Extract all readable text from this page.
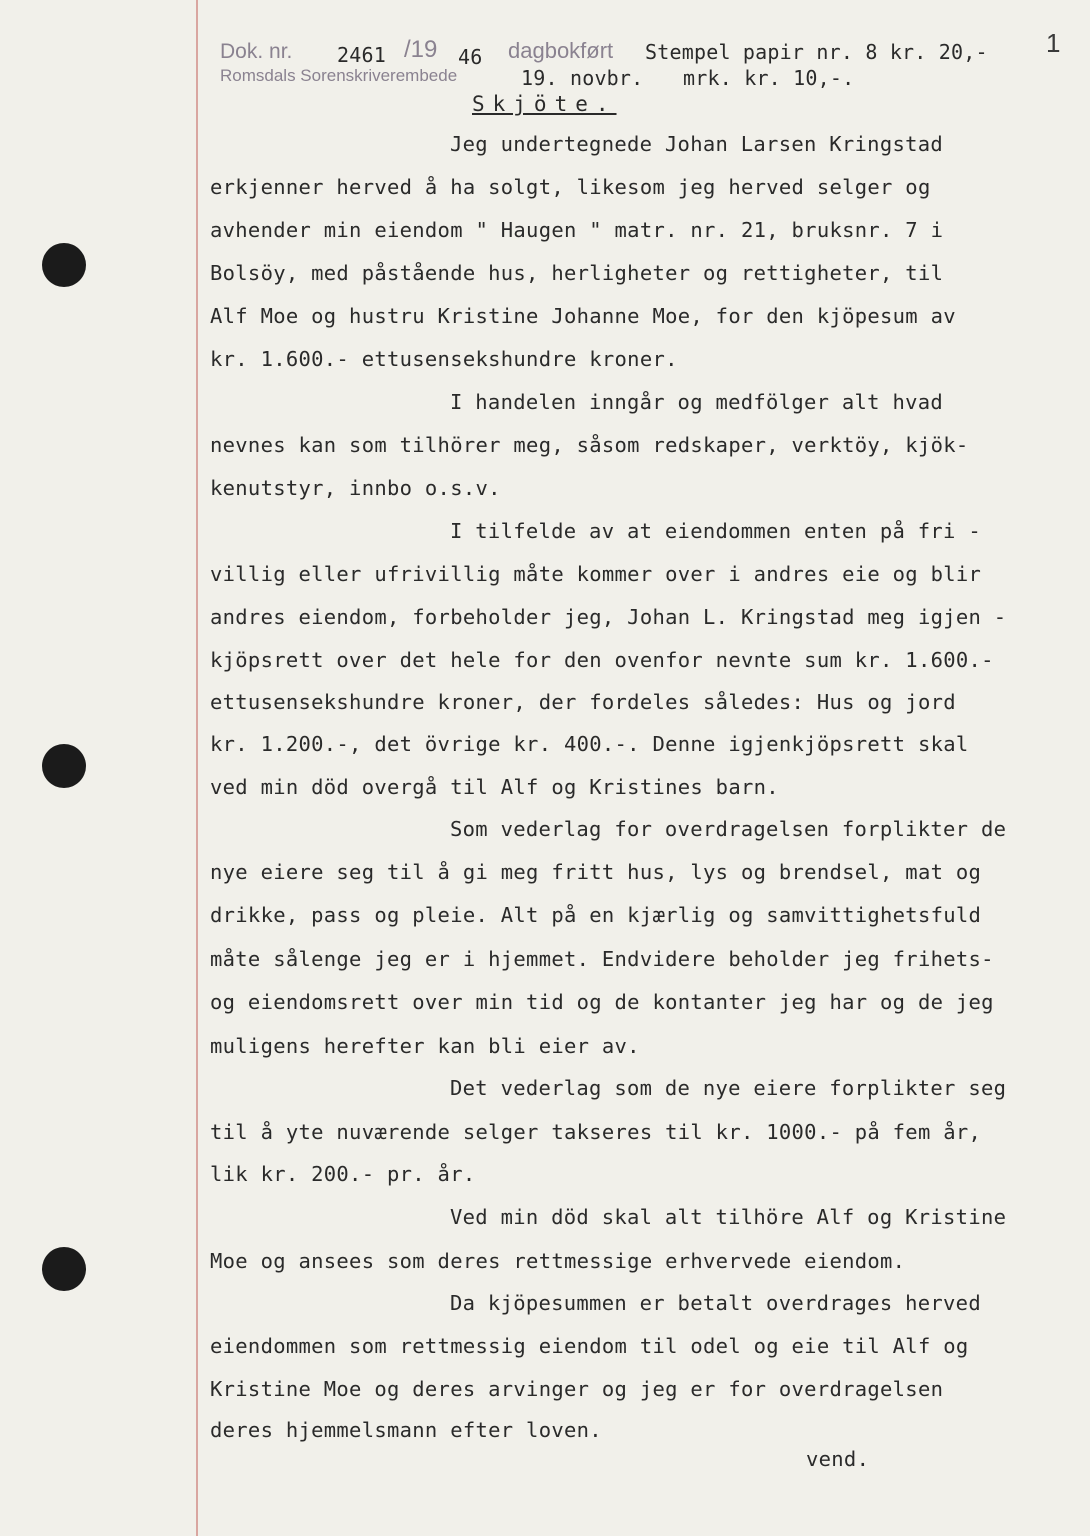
Dok. nr. 2461 /19 46 dagbokført
Romsdals Sorenskriverembede	19. novbr.
Stempel papir nr. 8 kr. 20,-
mrk. kr. 10,-.
1
Skjöte.
Jeg undertegnede Johan Larsen Kringstad
erkjenner herved å ha solgt, likesom jeg herved selger og
avhender min eiendom " Haugen " matr. nr. 21, bruksnr. 7 i
Bolsöy, med påstående hus, herligheter og rettigheter, til
Alf Moe og hustru Kristine Johanne Moe, for den kjöpesum av
kr. 1.600.- ettusensekshundre kroner.
I handelen inngår og medfölger alt hvad
nevnes kan som tilhörer meg, såsom redskaper, verktöy, kjök-
kenutstyr, innbo o.s.v.
I tilfelde av at eiendommen enten på fri -
villig eller ufrivillig måte kommer over i andres eie og blir
andres eiendom, forbeholder jeg, Johan L. Kringstad meg igjen -
kjöpsrett over det hele for den ovenfor nevnte sum kr. 1.600.-
ettusensekshundre kroner, der fordeles således: Hus og jord
kr. 1.200.-, det övrige kr. 400.-. Denne igjenkjöpsrett skal
ved min död overgå til Alf og Kristines barn.
Som vederlag for overdragelsen forplikter de
nye eiere seg til å gi meg fritt hus, lys og brendsel, mat og
drikke, pass og pleie. Alt på en kjærlig og samvittighetsfuld
måte sålenge jeg er i hjemmet. Endvidere beholder jeg frihets-
og eiendomsrett over min tid og de kontanter jeg har og de jeg
muligens herefter kan bli eier av.
Det vederlag som de nye eiere forplikter seg
til å yte nuværende selger takseres til kr. 1000.- på fem år,
lik kr. 200.- pr. år.
Ved min död skal alt tilhöre Alf og Kristine
Moe og ansees som deres rettmessige erhvervede eiendom.
Da kjöpesummen er betalt overdrages herved
eiendommen som rettmessig eiendom til odel og eie til Alf og
Kristine Moe og deres arvinger og jeg er for overdragelsen
deres hjemmelsmann efter loven.
vend.
